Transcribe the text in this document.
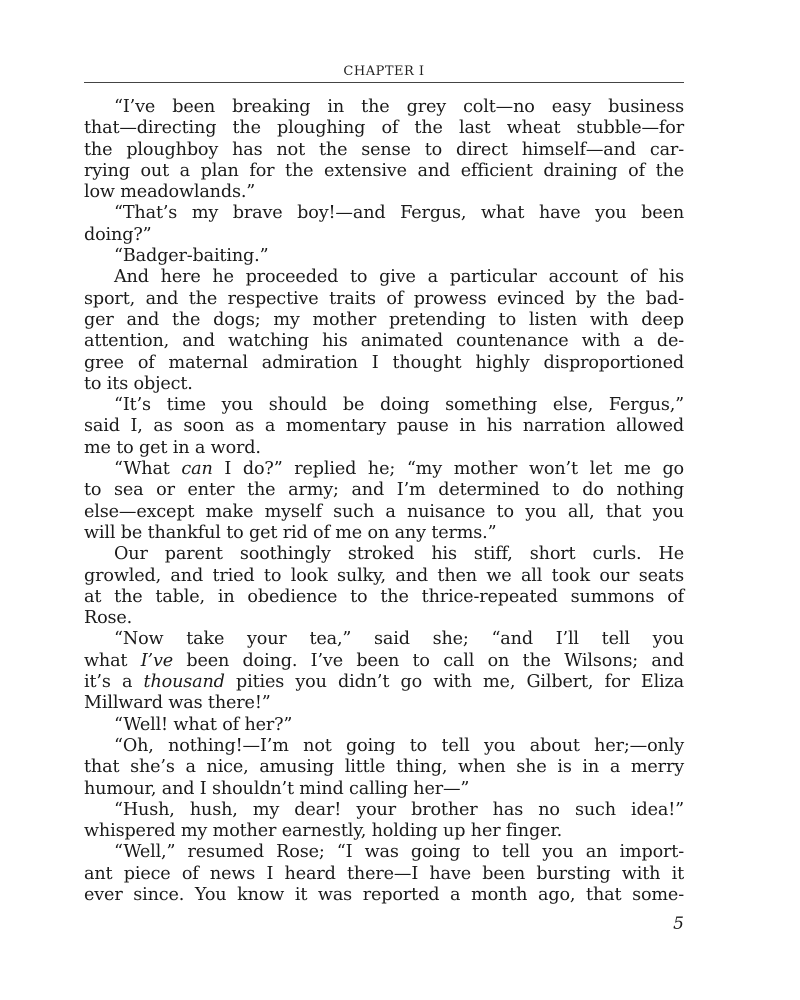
CHAPTER I
“I’ve been breaking in the grey colt—no easy business
that—directing the ploughing of the last wheat stubble—for
the ploughboy has not the sense to direct himself—and car-
rying out a plan for the extensive and efficient draining of the
low meadowlands.”
“That’s my brave boy!—and Fergus, what have you been
doing?”
“Badger-baiting.”
And here he proceeded to give a particular account of his
sport, and the respective traits of prowess evinced by the bad-
ger and the dogs; my mother pretending to listen with deep
attention, and watching his animated countenance with a de-
gree of maternal admiration I thought highly disproportioned
to its object.
“It’s time you should be doing something else, Fergus,”
said I, as soon as a momentary pause in his narration allowed
me to get in a word.
“What can I do?” replied he; “my mother won’t let me go
to sea or enter the army; and I’m determined to do nothing
else—except make myself such a nuisance to you all, that you
will be thankful to get rid of me on any terms.”
Our parent soothingly stroked his stiff, short curls. He
growled, and tried to look sulky, and then we all took our seats
at the table, in obedience to the thrice-repeated summons of
Rose.
“Now take your tea,” said she; “and I’ll tell you
what I’ve been doing. I’ve been to call on the Wilsons; and
it’s a thousand pities you didn’t go with me, Gilbert, for Eliza
Millward was there!”
“Well! what of her?”
“Oh, nothing!—I’m not going to tell you about her;—only
that she’s a nice, amusing little thing, when she is in a merry
humour, and I shouldn’t mind calling her—”
“Hush, hush, my dear! your brother has no such idea!”
whispered my mother earnestly, holding up her finger.
“Well,” resumed Rose; “I was going to tell you an import-
ant piece of news I heard there—I have been bursting with it
ever since. You know it was reported a month ago, that some-
5
